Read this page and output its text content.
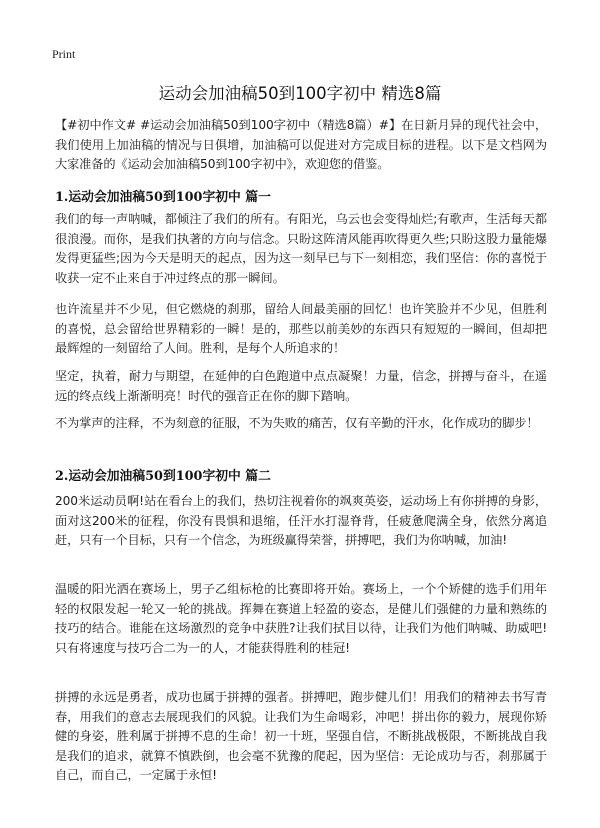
Print
运动会加油稿50到100字初中 精选8篇

【#初中作文# #运动会加油稿50到100字初中（精选8篇）#】在日新月异的现代社会中，我们使用上加油稿的情况与日俱增，加油稿可以促进对方完成目标的进程。以下是文档网为大家准备的《运动会加油稿50到100字初中》，欢迎您的借鉴。

1.运动会加油稿50到100字初中 篇一

我们的每一声呐喊，都倾注了我们的所有。有阳光，乌云也会变得灿烂;有歌声，生活每天都很浪漫。而你，是我们执著的方向与信念。只盼这阵清风能再吹得更久些;只盼这股力量能爆发得更猛些;因为今天是明天的起点，因为这一刻早已与下一刻相恋，我们坚信：你的喜悦于收获一定不止来自于冲过终点的那一瞬间。

也许流星并不少见，但它燃烧的刹那，留给人间最美丽的回忆！也许笑脸并不少见，但胜利的喜悦，总会留给世界精彩的一瞬！是的，那些以前美妙的东西只有短短的一瞬间，但却把最辉煌的一刻留给了人间。胜利，是每个人所追求的！

坚定，执着，耐力与期望，在延伸的白色跑道中点点凝聚！力量，信念，拼搏与奋斗，在遥远的终点线上渐渐明亮！时代的强音正在你的脚下踏响。

不为掌声的注释，不为刻意的征服，不为失败的痛苦，仅有辛勤的汗水，化作成功的脚步！

2.运动会加油稿50到100字初中 篇二

200米运动员啊!站在看台上的我们，热切注视着你的飒爽英姿，运动场上有你拼搏的身影，面对这200米的征程，你没有畏惧和退缩，任汗水打湿脊背，任疲惫爬满全身，依然分离追赶，只有一个目标，只有一个信念，为班级赢得荣誉，拼搏吧，我们为你呐喊，加油!

温暖的阳光洒在赛场上，男子乙组标枪的比赛即将开始。赛场上，一个个矫健的选手们用年轻的权限发起一轮又一轮的挑战。挥舞在赛道上轻盈的姿态，是健儿们强健的力量和熟练的技巧的结合。谁能在这场激烈的竞争中获胜?让我们拭目以待，让我们为他们呐喊、助威吧!只有将速度与技巧合二为一的人，才能获得胜利的桂冠!

拼搏的永远是勇者，成功也属于拼搏的强者。拼搏吧，跑步健儿们！用我们的精神去书写青春，用我们的意志去展现我们的风貌。让我们为生命喝彩，冲吧！拼出你的毅力，展现你矫健的身姿，胜利属于拼搏不息的生命！初一十班，坚强自信，不断挑战极限，不断挑战自我是我们的追求，就算不慎跌倒，也会毫不犹豫的爬起，因为坚信：无论成功与否，刹那属于自己，而自己，一定属于永恒!
